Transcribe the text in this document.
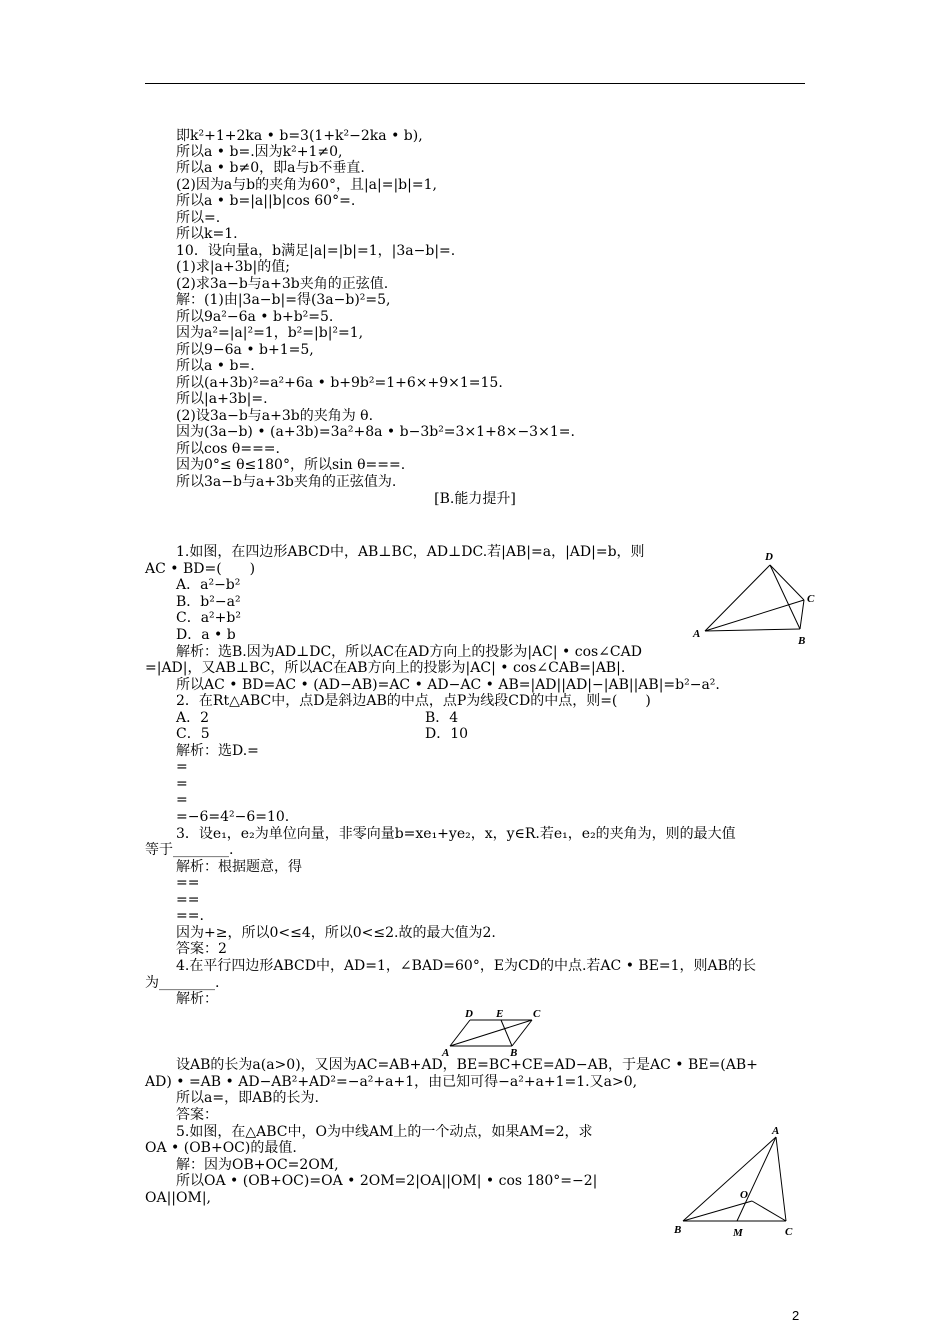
即k²+1+2ka • b=3(1+k²−2ka • b),
所以a • b=.因为k²+1≠0,
所以a • b≠0，即a与b不垂直.
(2)因为a与b的夹角为60°，且|a|=|b|=1,
所以a • b=|a||b|cos 60°=.
所以=.
所以k=1.
10．设向量a，b满足|a|=|b|=1，|3a−b|=.
(1)求|a+3b|的值;
(2)求3a−b与a+3b夹角的正弦值.
解：(1)由|3a−b|=得(3a−b)²=5,
所以9a²−6a • b+b²=5.
因为a²=|a|²=1，b²=|b|²=1,
所以9−6a • b+1=5,
所以a • b=.
所以(a+3b)²=a²+6a • b+9b²=1+6×+9×1=15.
所以|a+3b|=.
(2)设3a−b与a+3b的夹角为 θ.
因为(3a−b) • (a+3b)=3a²+8a • b−3b²=3×1+8×−3×1=.
所以cos θ===.
因为0°≤ θ≤180°，所以sin θ===.
所以3a−b与a+3b夹角的正弦值为.
[B.能力提升]
1.如图，在四边形ABCD中，AB⊥BC，AD⊥DC.若|AB|=a，|AD|=b，则
AC • BD=(　　)
A．a²−b²
B．b²−a²
C．a²+b²
D．a • b
解析：选B.因为AD⊥DC，所以AC在AD方向上的投影为|AC| • cos∠CAD
=|AD|，又AB⊥BC，所以AC在AB方向上的投影为|AC| • cos∠CAB=|AB|.
所以AC • BD=AC • (AD−AB)=AC • AD−AC • AB=|AD||AD|−|AB||AB|=b²−a².
2．在Rt△ABC中，点D是斜边AB的中点，点P为线段CD的中点，则=(　　)
A．2	B．4
C．5	D．10
解析：选D.=
=
=
=
=−6=4²−6=10.
3．设e₁，e₂为单位向量，非零向量b=xe₁+ye₂，x，y∈R.若e₁，e₂的夹角为，则的最大值
等于________.
解析：根据题意，得
==
==
==.
因为+≥，所以0<≤4，所以0<≤2.故的最大值为2.
答案：2
4.在平行四边形ABCD中，AD=1，∠BAD=60°，E为CD的中点.若AC • BE=1，则AB的长
为________.
解析：
设AB的长为a(a>0)，又因为AC=AB+AD，BE=BC+CE=AD−AB，于是AC • BE=(AB+
AD) • =AB • AD−AB²+AD²=−a²+a+1，由已知可得−a²+a+1=1.又a>0,
所以a=，即AB的长为.
答案：
5.如图，在△ABC中，O为中线AM上的一个动点，如果AM=2，求
OA • (OB+OC)的最值.
解：因为OB+OC=2OM,
所以OA • (OB+OC)=OA • 2OM=2|OA||OM| • cos 180°=−2|
OA||OM|,
D
C
A
B
D E	C
A	B
A
O
B	M	C
2
